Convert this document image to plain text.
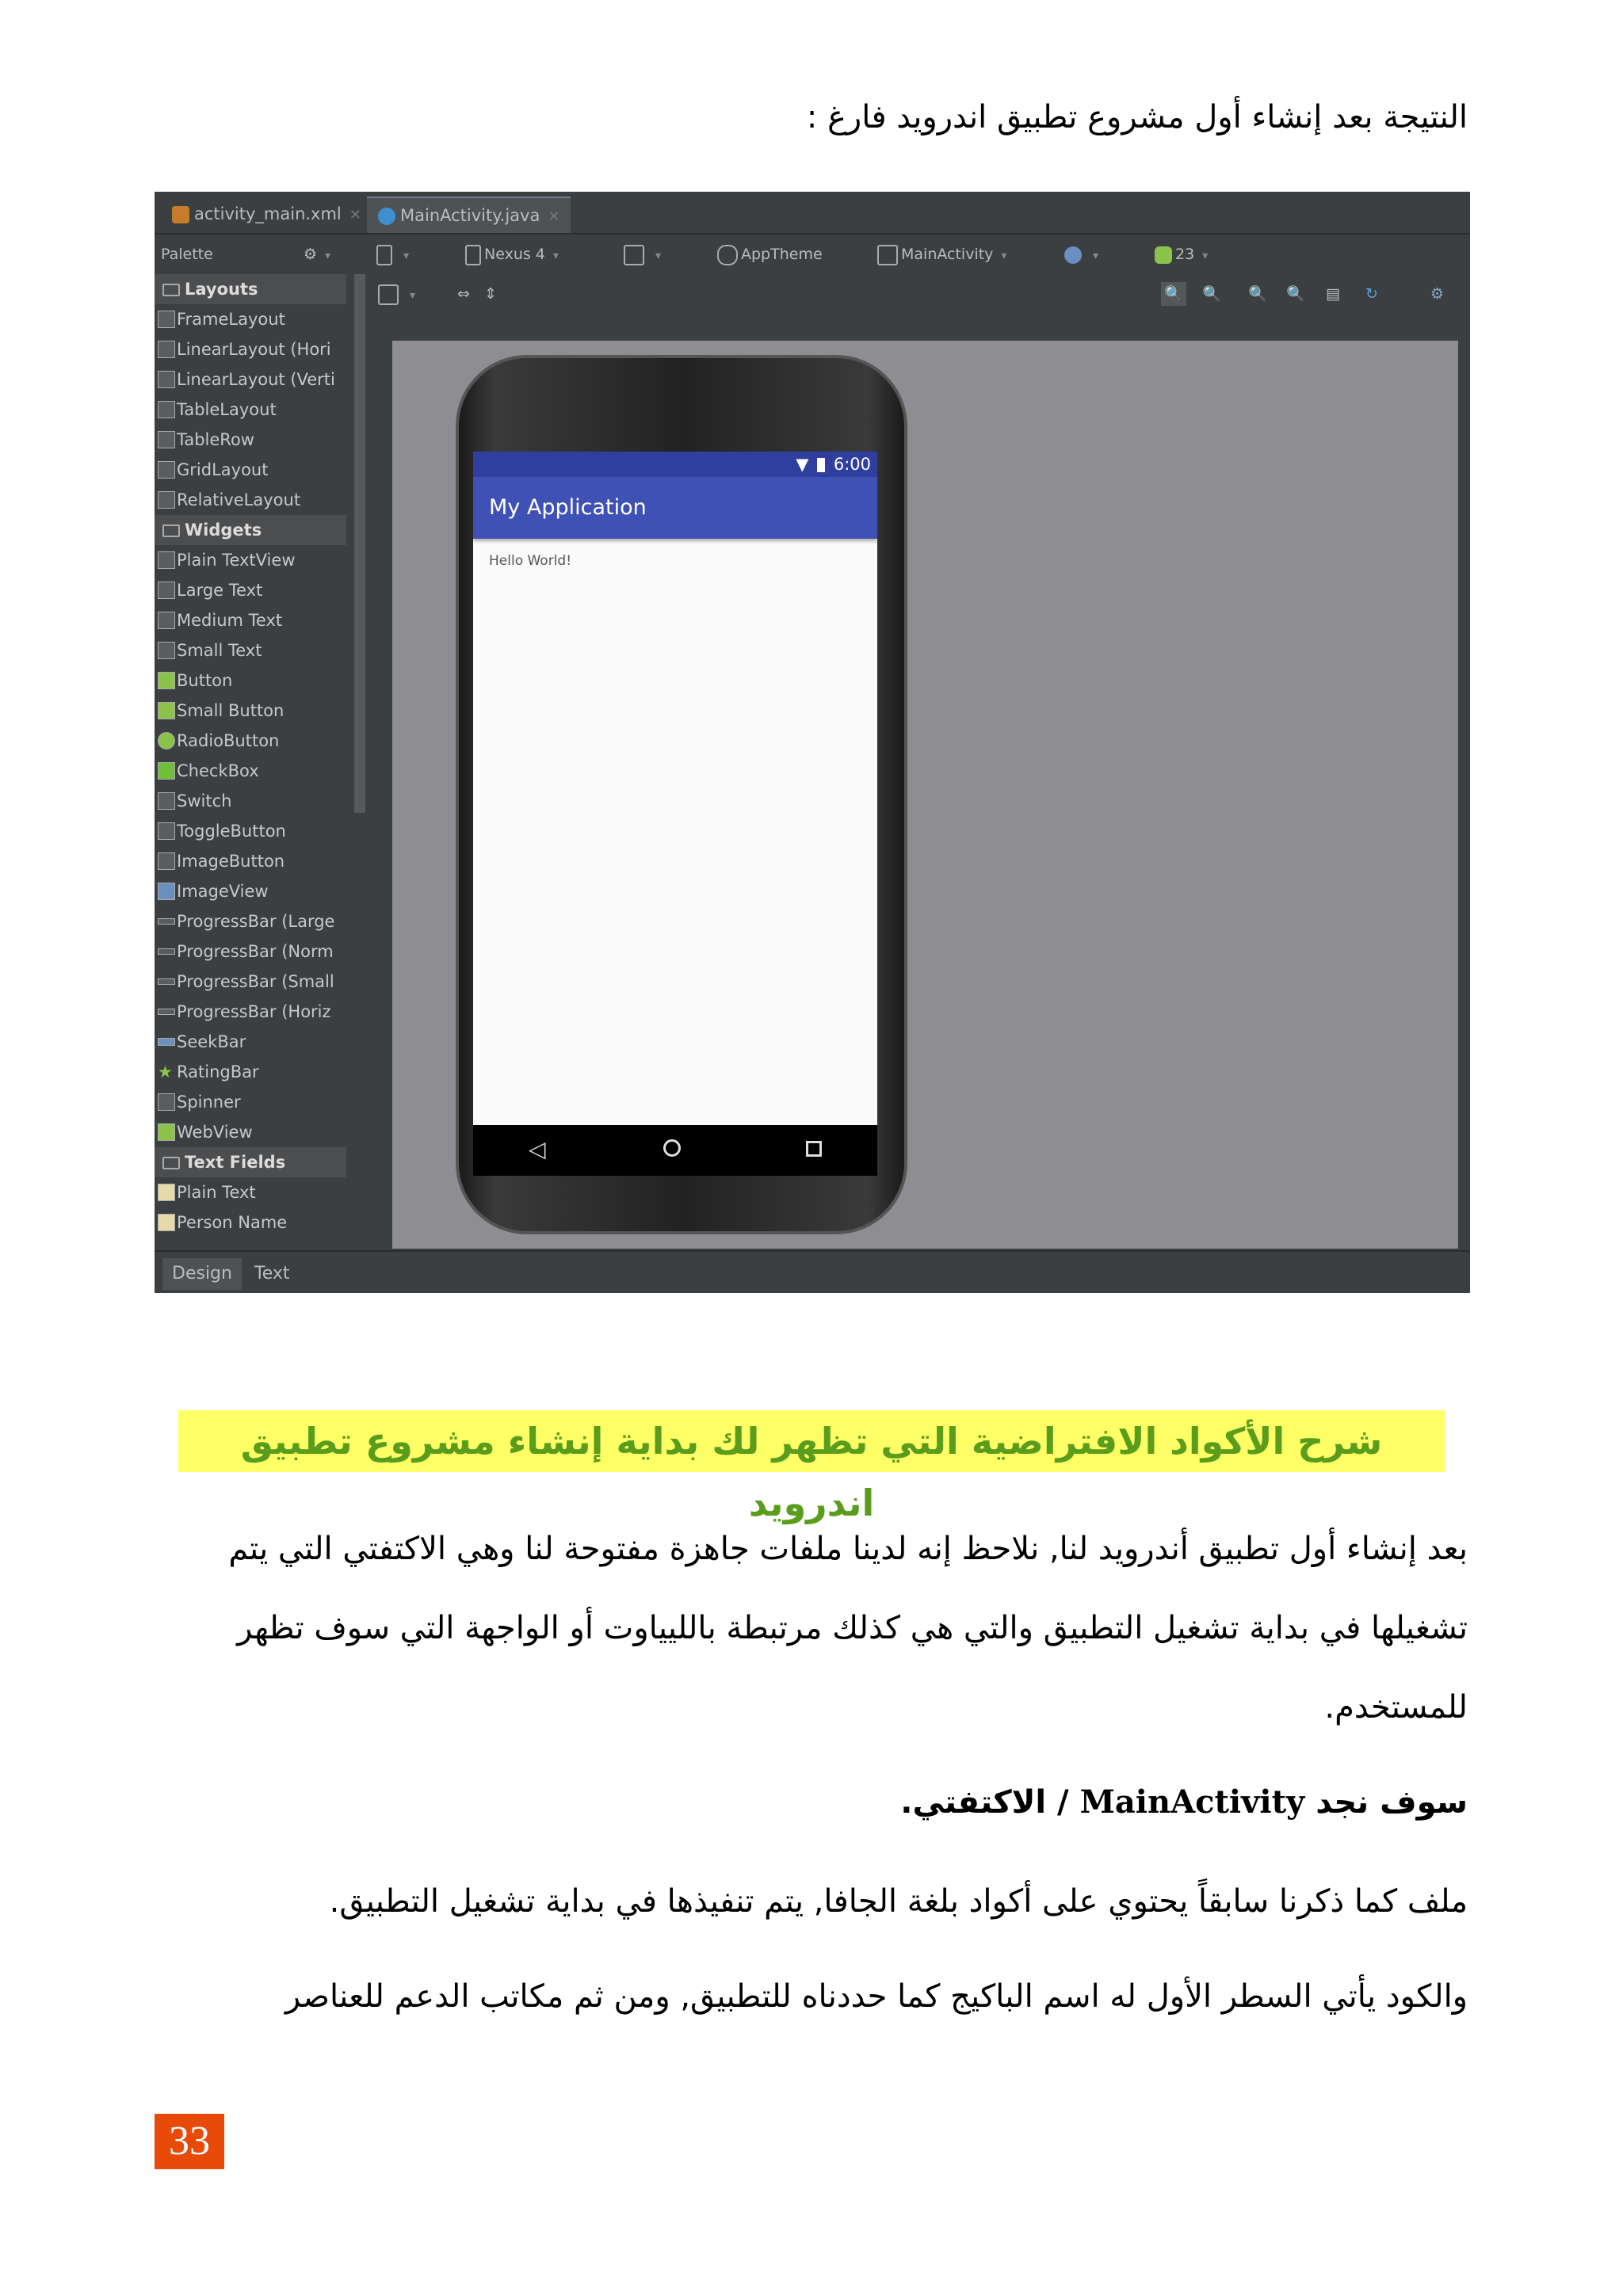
النتيجة بعد إنشاء أول مشروع تطبيق اندرويد فارغ :
activity_main.xml ✕	MainActivity.java ✕
Palette	⚙ ▾	▾	Nexus 4 ▾	▾	AppTheme	MainActivity ▾	▾	23 ▾
▾	⇔ ⇕	🔍 🔍 🔍 🔍 ▤ ↻	⚙
Layouts
FrameLayout
LinearLayout (Hori
LinearLayout (Verti
TableLayout
TableRow
GridLayout
RelativeLayout
Widgets
Plain TextView
Large Text
Medium Text
Small Text
Button
Small Button
RadioButton
CheckBox
Switch
ToggleButton
ImageButton
ImageView
ProgressBar (Large
ProgressBar (Norm
ProgressBar (Small
ProgressBar (Horiz
SeekBar
★ RatingBar
Spinner
WebView
Text Fields
Plain Text
Person Name
▼ 6:00
My Application
Hello World!
◁
Design	Text
شرح الأكواد الافتراضية التي تظهر لك بداية إنشاء مشروع تطبيق اندرويد
بعد إنشاء أول تطبيق أندرويد لنا, نلاحظ إنه لدينا ملفات جاهزة مفتوحة لنا وهي الاكتفتي التي يتم تشغيلها في بداية تشغيل التطبيق والتي هي كذلك مرتبطة بالليياوت أو الواجهة التي سوف تظهر للمستخدم.
سوف نجد MainActivity / الاكتفتي.
ملف كما ذكرنا سابقاً يحتوي على أكواد بلغة الجافا, يتم تنفيذها في بداية تشغيل التطبيق.
والكود يأتي السطر الأول له اسم الباكيج كما حددناه للتطبيق, ومن ثم مكاتب الدعم للعناصر
33
